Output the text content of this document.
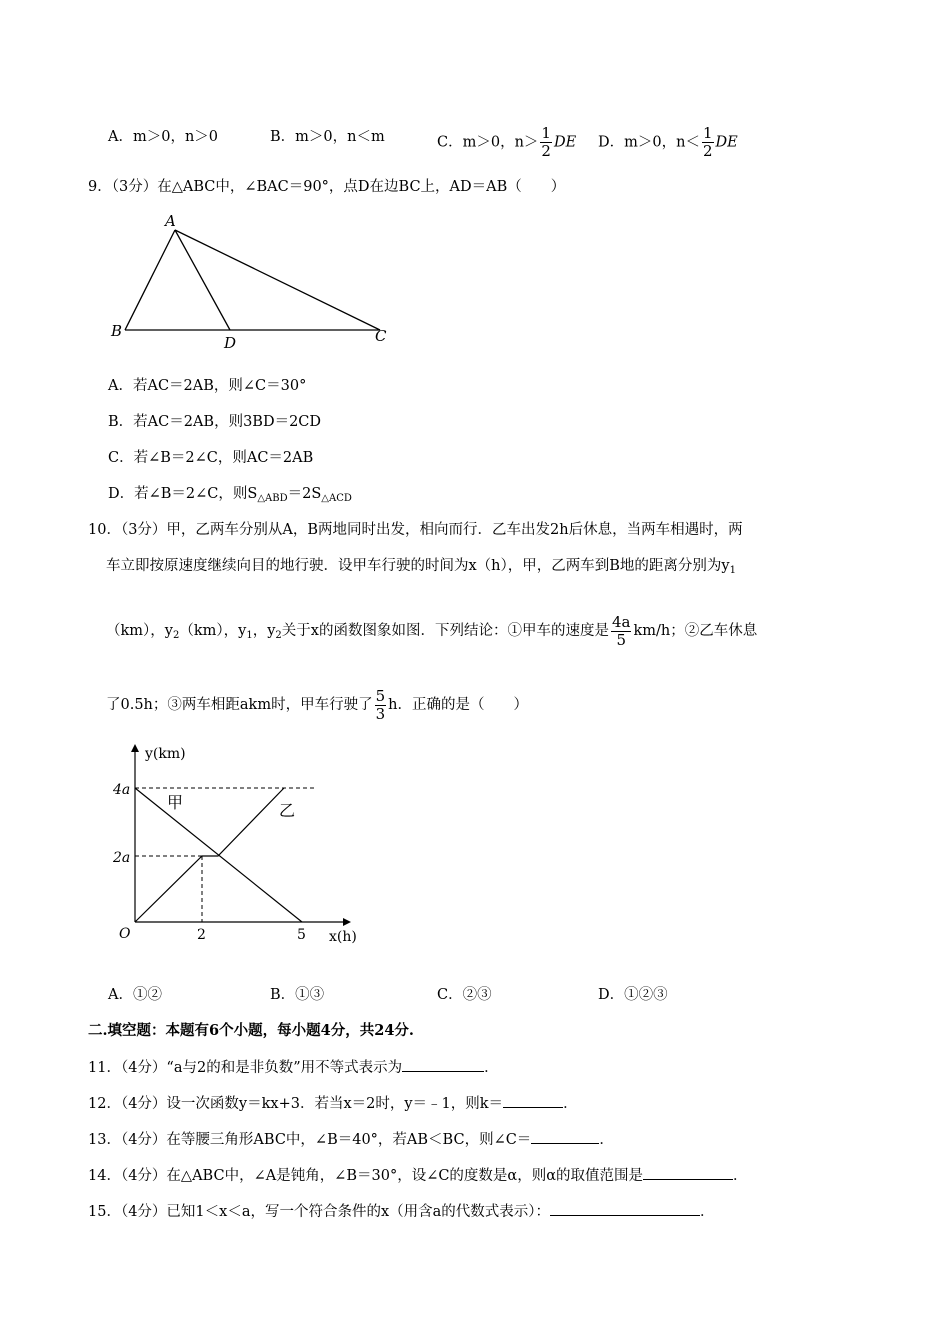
A．m＞0，n＞0	B．m＞0，n＜m	C．m＞0，$n> \frac{1}{2}$ DE D．m＞0，$n< \frac{1}{2}$ DE
9．（3分）在△ABC中，∠BAC＝90°，点D在边BC上，AD＝AB（　　）
A
B
D	C
A．若AC＝2AB，则∠C＝30°
B．若AC＝2AB，则3BD＝2CD
C．若∠B＝2∠C，则AC＝2AB
D．若∠B＝2∠C，则$S_{\triangle ABD}=2S_{\triangle ACD}$
10．（3分）甲，乙两车分别从A，B两地同时出发，相向而行．乙车出发2h后休息，当两车相遇时，两
车立即按原速度继续向目的地行驶．设甲车行驶的时间为x（h），甲，乙两车到B地的距离分别为$y_1$
（km），$y_2(km)$，$y_1$，$y_2$关于x的函数图象如图．下列结论：①甲车的速度是 $\frac{4a}{5} km/h$；②乙车休息
了0.5h；③两车相距akm时，甲车行驶了 $\frac{5}{3}$ h．正确的是（　　）
y(km)
x(h)
O
4a
2a
2	5
甲	乙
A．①②	B．①③	C．②③	D．①②③
二.填空题：本题有6个小题，每小题4分，共24分.
11．（4分）“a与2的和是非负数”用不等式表示为	．
12．（4分）设一次函数y＝kx+3．若当x＝2时，y＝﹣1，则k＝	．
13．（4分）在等腰三角形ABC中，∠B＝40°，若AB＜BC，则∠C＝	．
14．（4分）在△ABC中，∠A是钝角，∠B＝30°，设∠C的度数是α，则α的取值范围是	．
15．（4分）已知1＜x＜a，写一个符合条件的x（用含a的代数式表示）：	．
